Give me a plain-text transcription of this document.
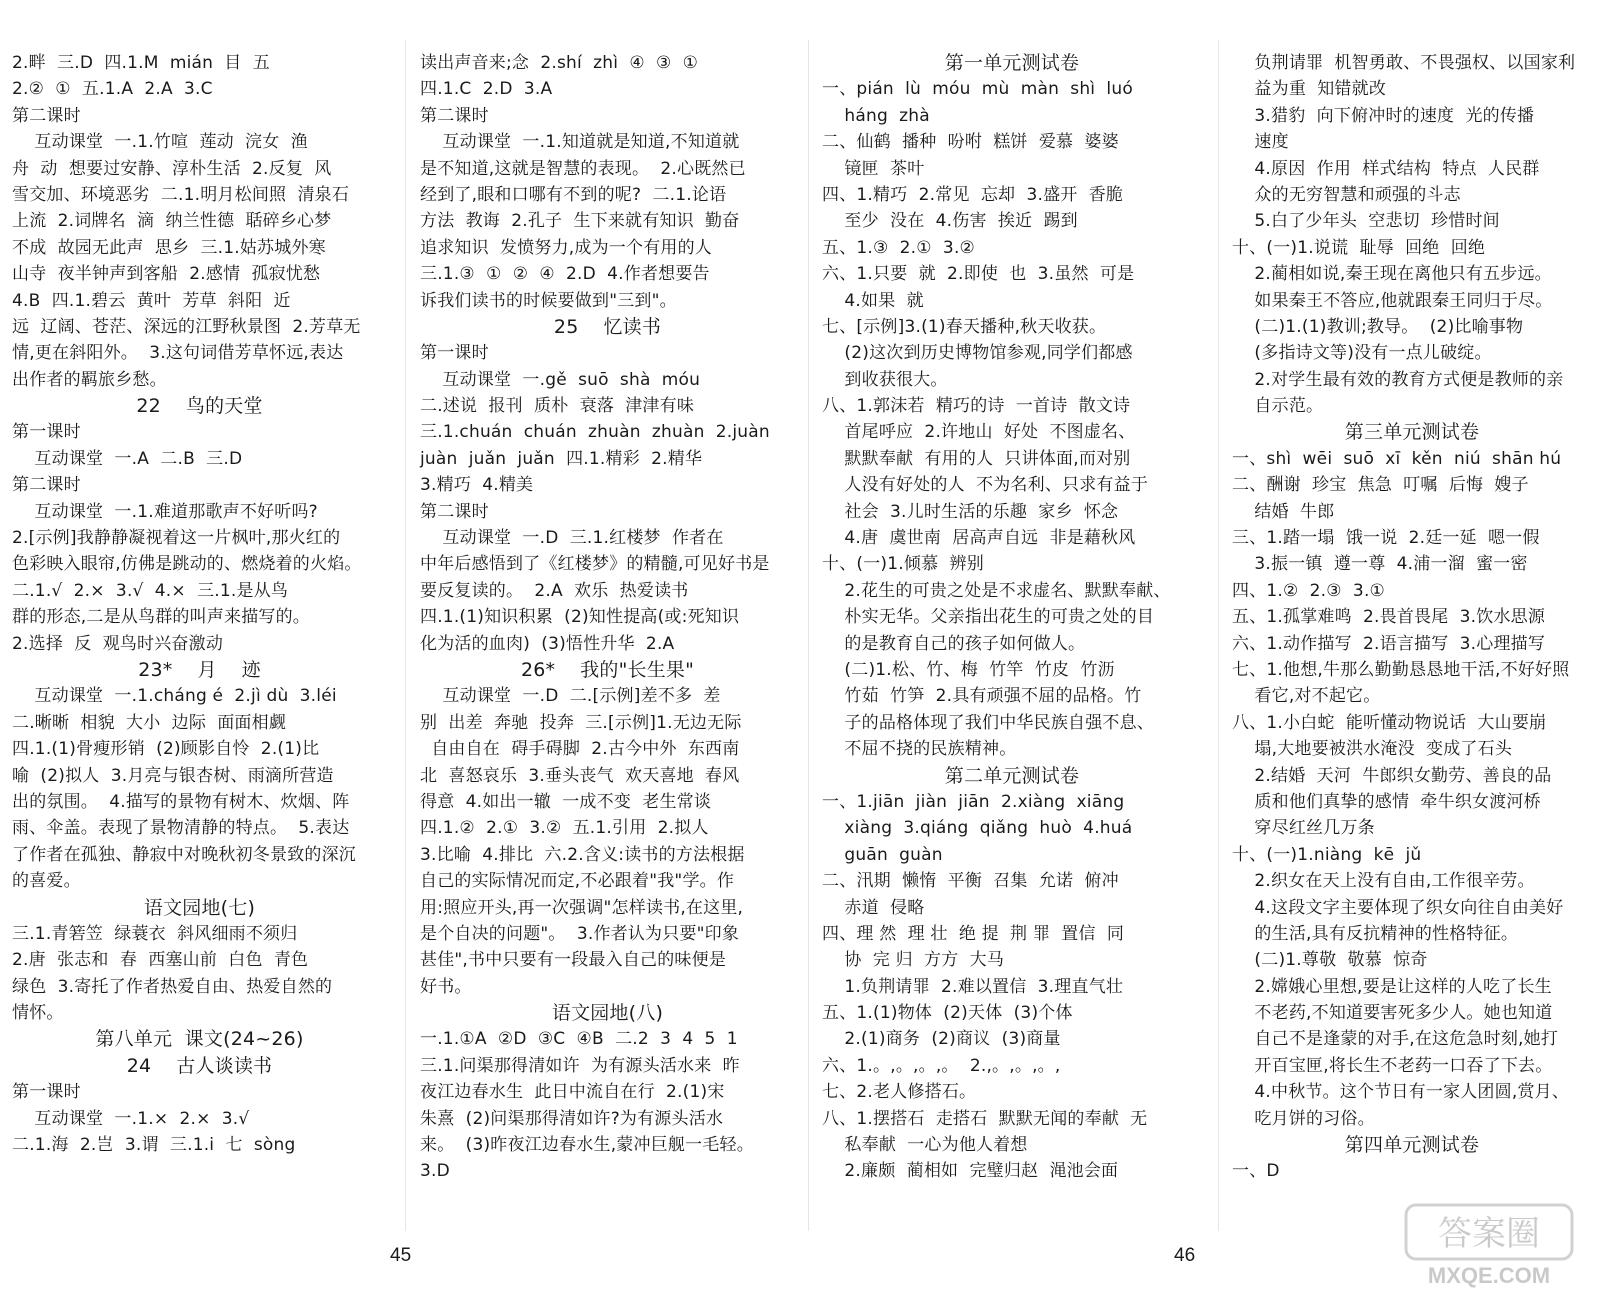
2.畔  三.D  四.1.M  mián  目  五
2.②  ①  五.1.A  2.A  3.C
第二课时
互动课堂  一.1.竹喧  莲动  浣女  渔
舟  动  想要过安静、淳朴生活  2.反复  风
雪交加、环境恶劣  二.1.明月松间照  清泉石
上流  2.词牌名  滴  纳兰性德  聒碎乡心梦
不成  故园无此声  思乡  三.1.姑苏城外寒
山寺  夜半钟声到客船  2.感情  孤寂忧愁
4.B  四.1.碧云  黄叶  芳草  斜阳  近
远  辽阔、苍茫、深远的江野秋景图  2.芳草无
情,更在斜阳外。  3.这句词借芳草怀远,表达
出作者的羁旅乡愁。
22    鸟的天堂
第一课时
互动课堂  一.A  二.B  三.D
第二课时
互动课堂  一.1.难道那歌声不好听吗?
2.[示例]我静静凝视着这一片枫叶,那火红的
色彩映入眼帘,仿佛是跳动的、燃烧着的火焰。
二.1.√  2.×  3.√  4.×  三.1.是从鸟
群的形态,二是从鸟群的叫声来描写的。
2.选择  反  观鸟时兴奋激动
23*    月    迹
互动课堂  一.1.cháng é  2.jì dù  3.léi
二.晰晰  相貌  大小  边际  面面相觑
四.1.(1)骨瘦形销  (2)顾影自怜  2.(1)比
喻  (2)拟人  3.月亮与银杏树、雨滴所营造
出的氛围。  4.描写的景物有树木、炊烟、阵
雨、伞盖。表现了景物清静的特点。  5.表达
了作者在孤独、静寂中对晚秋初冬景致的深沉
的喜爱。
语文园地(七)
三.1.青箬笠  绿蓑衣  斜风细雨不须归
2.唐  张志和  春  西塞山前  白色  青色
绿色  3.寄托了作者热爱自由、热爱自然的
情怀。
第八单元  课文(24~26)
24    古人谈读书
第一课时
互动课堂  一.1.×  2.×  3.√
二.1.海  2.岂  3.谓  三.1.i  七  sòng
读出声音来;念  2.shí  zhì  ④  ③  ①
四.1.C  2.D  3.A
第二课时
互动课堂  一.1.知道就是知道,不知道就
是不知道,这就是智慧的表现。  2.心既然已
经到了,眼和口哪有不到的呢?  二.1.论语
方法  教诲  2.孔子  生下来就有知识  勤奋
追求知识  发愤努力,成为一个有用的人
三.1.③  ①  ②  ④  2.D  4.作者想要告
诉我们读书的时候要做到"三到"。
25    忆读书
第一课时
互动课堂  一.gě  suō  shà  móu
二.述说  报刊  质朴  衰落  津津有味
三.1.chuán  chuán  zhuàn  zhuàn  2.juàn
juàn  juǎn  juǎn  四.1.精彩  2.精华
3.精巧  4.精美
第二课时
互动课堂  一.D  三.1.红楼梦  作者在
中年后感悟到了《红楼梦》的精髓,可见好书是
要反复读的。  2.A  欢乐  热爱读书
四.1.(1)知识积累  (2)知性提高(或:死知识
化为活的血肉)  (3)悟性升华  2.A
26*    我的"长生果"
互动课堂  一.D  二.[示例]差不多  差
别  出差  奔驰  投奔  三.[示例]1.无边无际
自由自在  碍手碍脚  2.古今中外  东西南
北  喜怒哀乐  3.垂头丧气  欢天喜地  春风
得意  4.如出一辙  一成不变  老生常谈
四.1.②  2.①  3.②  五.1.引用  2.拟人
3.比喻  4.排比  六.2.含义:读书的方法根据
自己的实际情况而定,不必跟着"我"学。作
用:照应开头,再一次强调"怎样读书,在这里,
是个自决的问题"。  3.作者认为只要"印象
甚佳",书中只要有一段最入自己的味便是
好书。
语文园地(八)
一.1.①A  ②D  ③C  ④B  二.2  3  4  5  1
三.1.问渠那得清如许  为有源头活水来  昨
夜江边春水生  此日中流自在行  2.(1)宋
朱熹  (2)问渠那得清如许?为有源头活水
来。  (3)昨夜江边春水生,蒙冲巨舰一毛轻。
3.D
第一单元测试卷
一、pián  lù  móu  mù  màn  shì  luó
háng  zhà
二、仙鹤  播种  吩咐  糕饼  爱慕  婆婆
镜匣  茶叶
四、1.精巧  2.常见  忘却  3.盛开  香脆
至少  没在  4.伤害  挨近  踢到
五、1.③  2.①  3.②
六、1.只要  就  2.即使  也  3.虽然  可是
4.如果  就
七、[示例]3.(1)春天播种,秋天收获。
(2)这次到历史博物馆参观,同学们都感
到收获很大。
八、1.郭沫若  精巧的诗  一首诗  散文诗
首尾呼应  2.许地山  好处  不图虚名、
默默奉献  有用的人  只讲体面,而对别
人没有好处的人  不为名利、只求有益于
社会  3.儿时生活的乐趣  家乡  怀念
4.唐  虞世南  居高声自远  非是藉秋风
十、(一)1.倾慕  辨别
2.花生的可贵之处是不求虚名、默默奉献、
朴实无华。父亲指出花生的可贵之处的目
的是教育自己的孩子如何做人。
(二)1.松、竹、梅  竹竿  竹皮  竹沥
竹茹  竹笋  2.具有顽强不屈的品格。竹
子的品格体现了我们中华民族自强不息、
不屈不挠的民族精神。
第二单元测试卷
一、1.jiān  jiàn  jiān  2.xiàng  xiāng
xiàng  3.qiáng  qiǎng  huò  4.huá
guān  guàn
二、汛期  懒惰  平衡  召集  允诺  俯冲
赤道  侵略
四、理 然  理 壮  绝 提  荆 罪  置信  同
协  完 归  方方  大马
1.负荆请罪  2.难以置信  3.理直气壮
五、1.(1)物体  (2)天体  (3)个体
2.(1)商务  (2)商议  (3)商量
六、1.。,。,。,。  2.,。,。,。,
七、2.老人修搭石。
八、1.摆搭石  走搭石  默默无闻的奉献  无
私奉献  一心为他人着想
2.廉颇  蔺相如  完璧归赵  渑池会面
负荆请罪  机智勇敢、不畏强权、以国家利
益为重  知错就改
3.猎豹  向下俯冲时的速度  光的传播
速度
4.原因  作用  样式结构  特点  人民群
众的无穷智慧和顽强的斗志
5.白了少年头  空悲切  珍惜时间
十、(一)1.说谎  耻辱  回绝  回绝
2.蔺相如说,秦王现在离他只有五步远。
如果秦王不答应,他就跟秦王同归于尽。
(二)1.(1)教训;教导。  (2)比喻事物
(多指诗文等)没有一点儿破绽。
2.对学生最有效的教育方式便是教师的亲
自示范。
第三单元测试卷
一、shì  wēi  suō  xī  kěn  niú  shān hú
二、酬谢  珍宝  焦急  叮嘱  后悔  嫂子
结婚  牛郎
三、1.踏一塌  饿一说  2.廷一延  嗯一假
3.振一镇  遵一尊  4.浦一溜  蜜一密
四、1.②  2.③  3.①
五、1.孤掌难鸣  2.畏首畏尾  3.饮水思源
六、1.动作描写  2.语言描写  3.心理描写
七、1.他想,牛那么勤勤恳恳地干活,不好好照
看它,对不起它。
八、1.小白蛇  能听懂动物说话  大山要崩
塌,大地要被洪水淹没  变成了石头
2.结婚  天河  牛郎织女勤劳、善良的品
质和他们真挚的感情  牵牛织女渡河桥
穿尽红丝几万条
十、(一)1.niàng  kē  jǔ
2.织女在天上没有自由,工作很辛劳。
4.这段文字主要体现了织女向往自由美好
的生活,具有反抗精神的性格特征。
(二)1.尊敬  敬慕  惊奇
2.嫦娥心里想,要是让这样的人吃了长生
不老药,不知道要害死多少人。她也知道
自己不是逢蒙的对手,在这危急时刻,她打
开百宝匣,将长生不老药一口吞了下去。
4.中秋节。这个节日有一家人团圆,赏月、
吃月饼的习俗。
第四单元测试卷
一、D
45	46
答案圈
MXQE.COM
